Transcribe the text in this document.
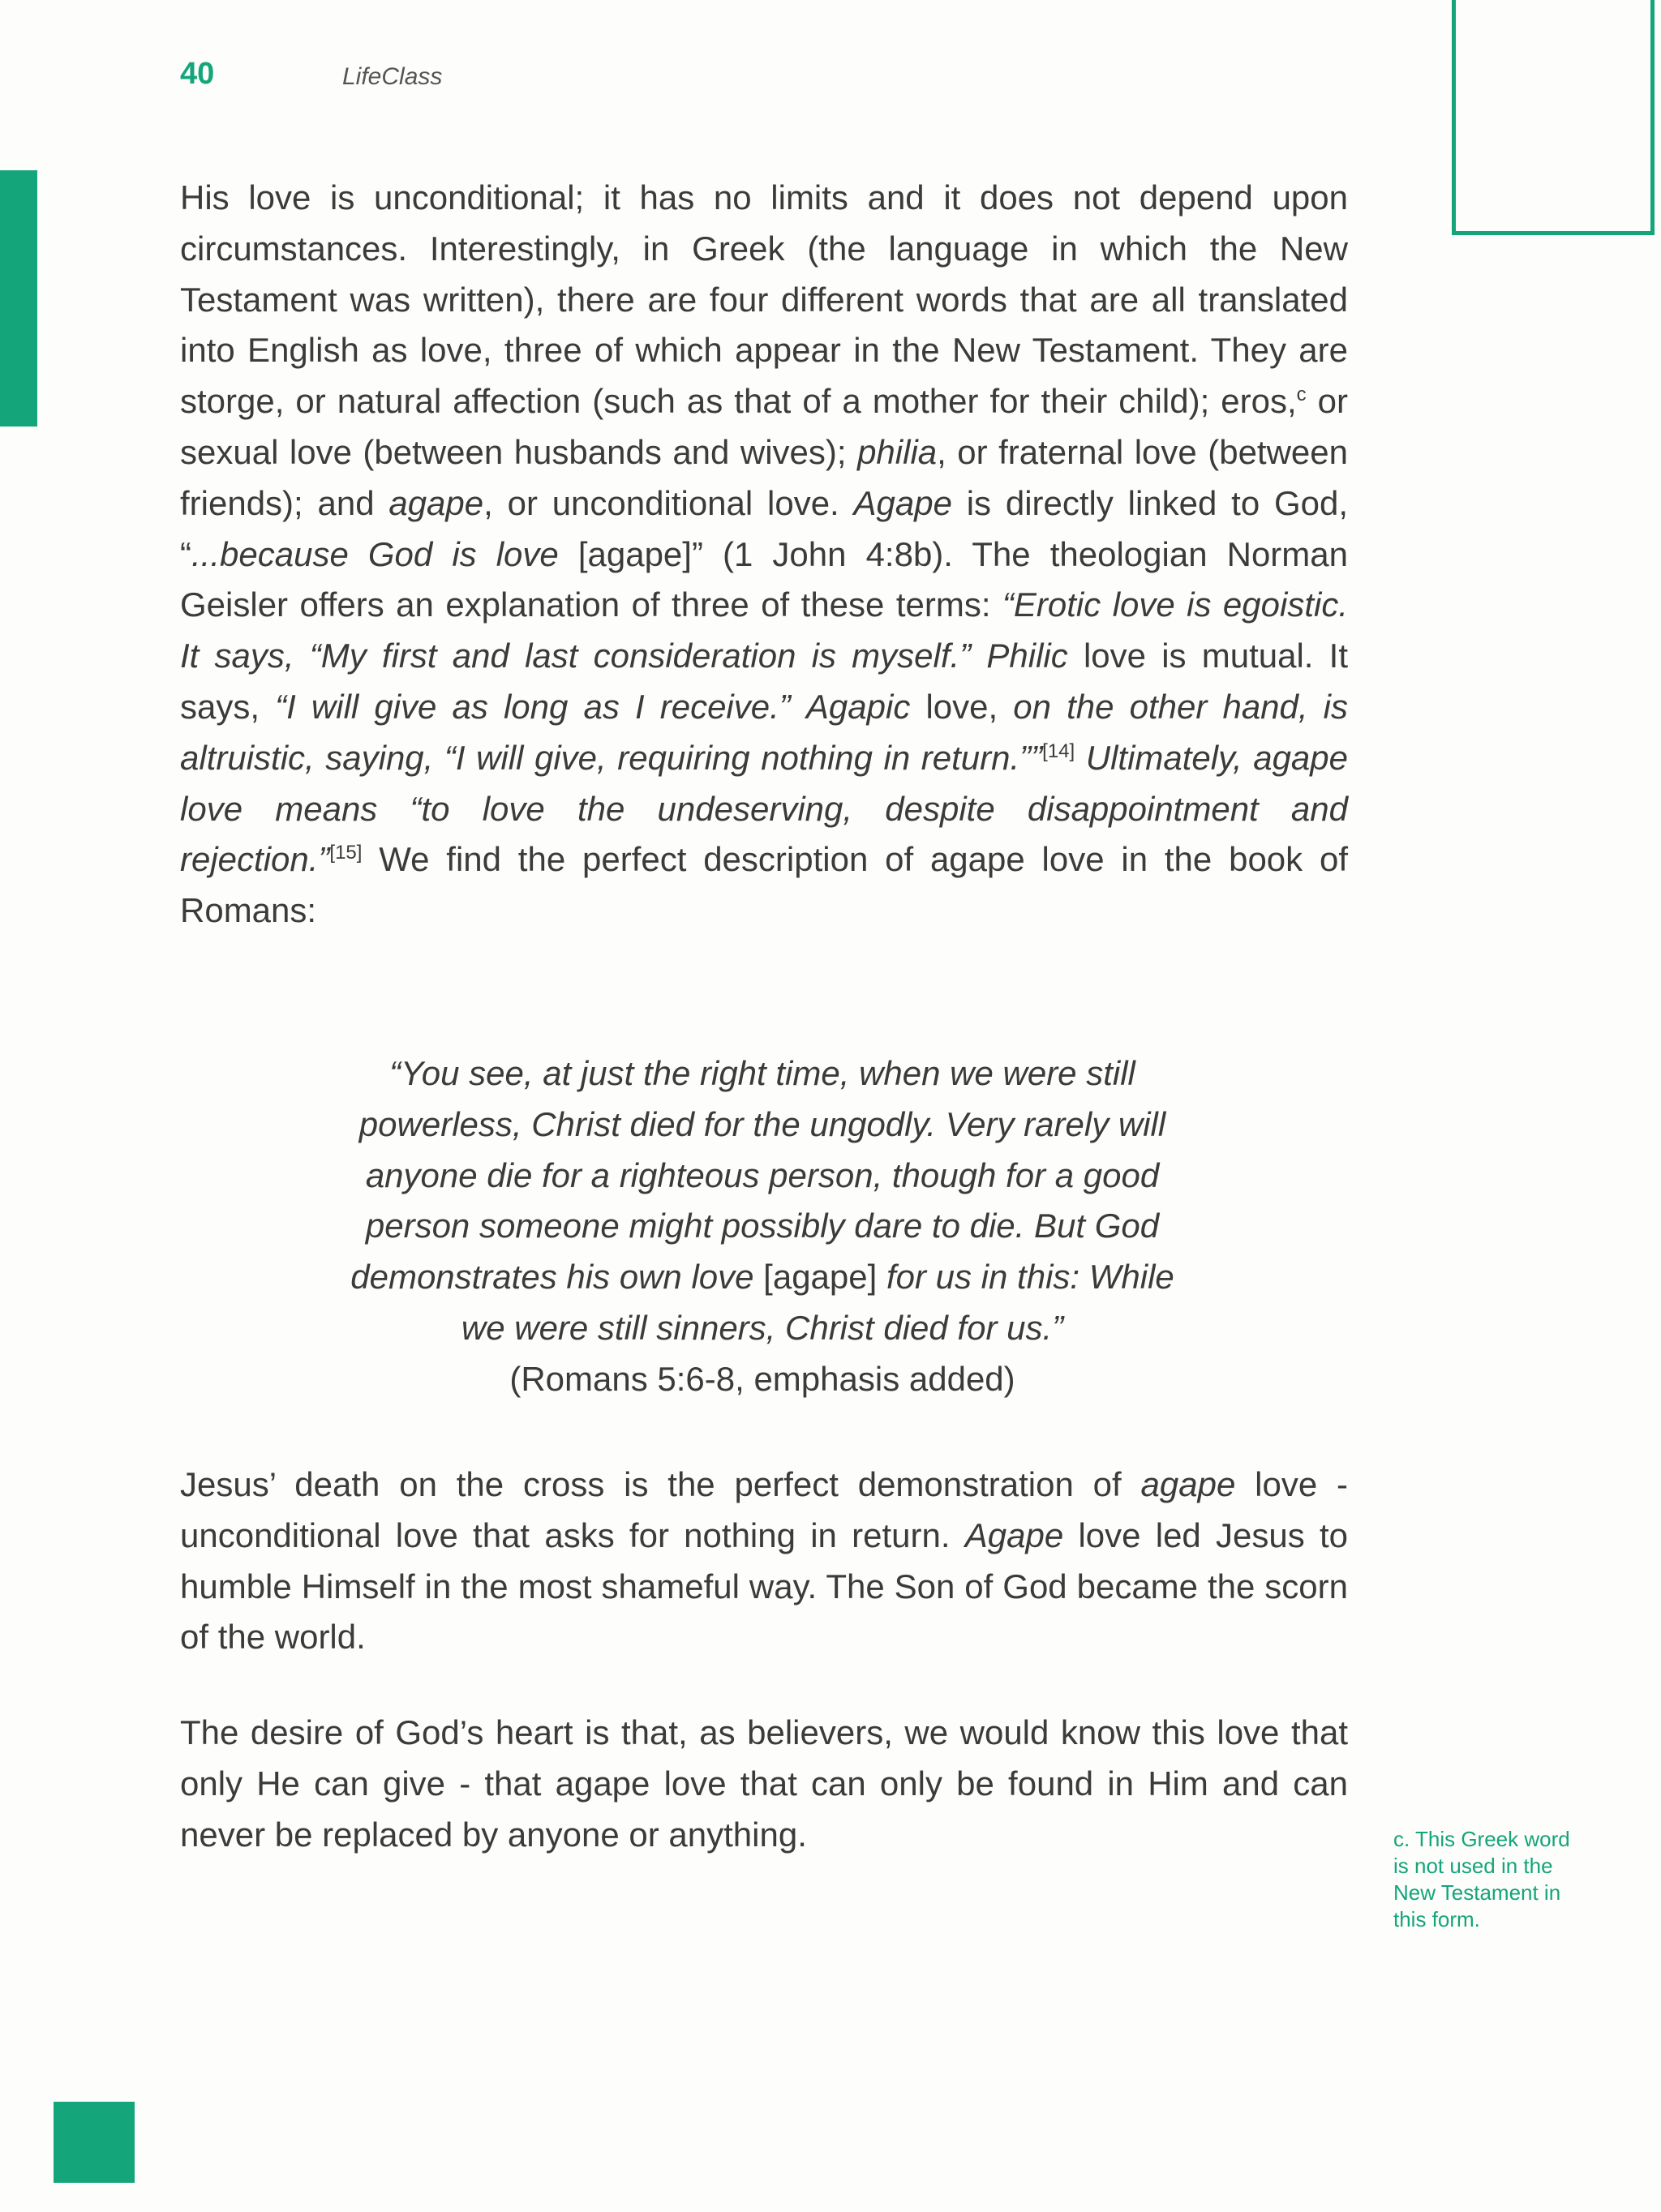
40	LifeClass

His love is unconditional; it has no limits and it does not depend upon circumstances. Interestingly, in Greek (the language in which the New Testament was written), there are four different words that are all translated into English as love, three of which appear in the New Testament. They are storge, or natural affection (such as that of a mother for their child); eros,$^c$ or sexual love (between husbands and wives); philia, or fraternal love (between friends); and agape, or unconditional love. Agape is directly linked to God, “...because God is love [agape]” (1 John 4:8b). The theologian Norman Geisler offers an explanation of three of these terms: “Erotic love is egoistic. It says, “My first and last consideration is myself.” Philic love is mutual. It says, “I will give as long as I receive.” Agapic love, on the other hand, is altruistic, saying, “I will give, requiring nothing in return.””[14] Ultimately, agape love means “to love the undeserving, despite disappointment and rejection.”[15] We find the perfect description of agape love in the book of Romans:

“You see, at just the right time, when we were still

powerless, Christ died for the ungodly. Very rarely will

anyone die for a righteous person, though for a good

person someone might possibly dare to die. But God

demonstrates his own love [agape] for us in this: While

we were still sinners, Christ died for us.”

(Romans 5:6-8, emphasis added)

Jesus’ death on the cross is the perfect demonstration of agape love - unconditional love that asks for nothing in return. Agape love led Jesus to humble Himself in the most shameful way. The Son of God became the scorn of the world.

The desire of God’s heart is that, as believers, we would know this love that only He can give - that agape love that can only be found in Him and can never be replaced by anyone or anything.	c. This Greek word is not used in the New Testament in this form.
